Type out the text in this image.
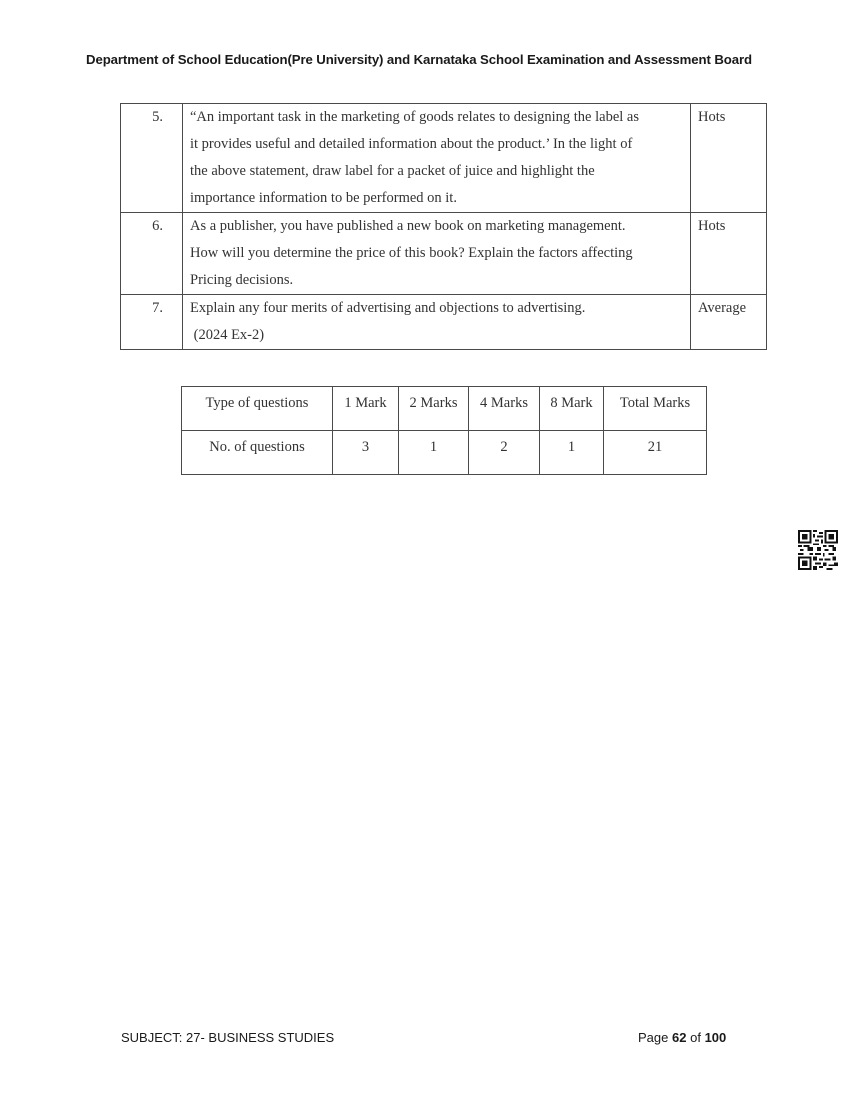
Department of School Education(Pre University) and Karnataka School Examination and Assessment Board
5.	“An important task in the marketing of goods relates to designing the label as
it provides useful and detailed information about the product.’ In the light of
the above statement, draw label for a packet of juice and highlight the
importance information to be performed on it.	Hots
6.	As a publisher, you have published a new book on marketing management.
How will you determine the price of this book? Explain the factors affecting
Pricing decisions.	Hots
7.	Explain any four merits of advertising and objections to advertising.
(2024 Ex-2)	Average
Type of questions	1 Mark	2 Marks	4 Marks	8 Mark	Total Marks
No. of questions	3	1	2	1	21
SUBJECT: 27- BUSINESS STUDIES	Page 62 of 100
